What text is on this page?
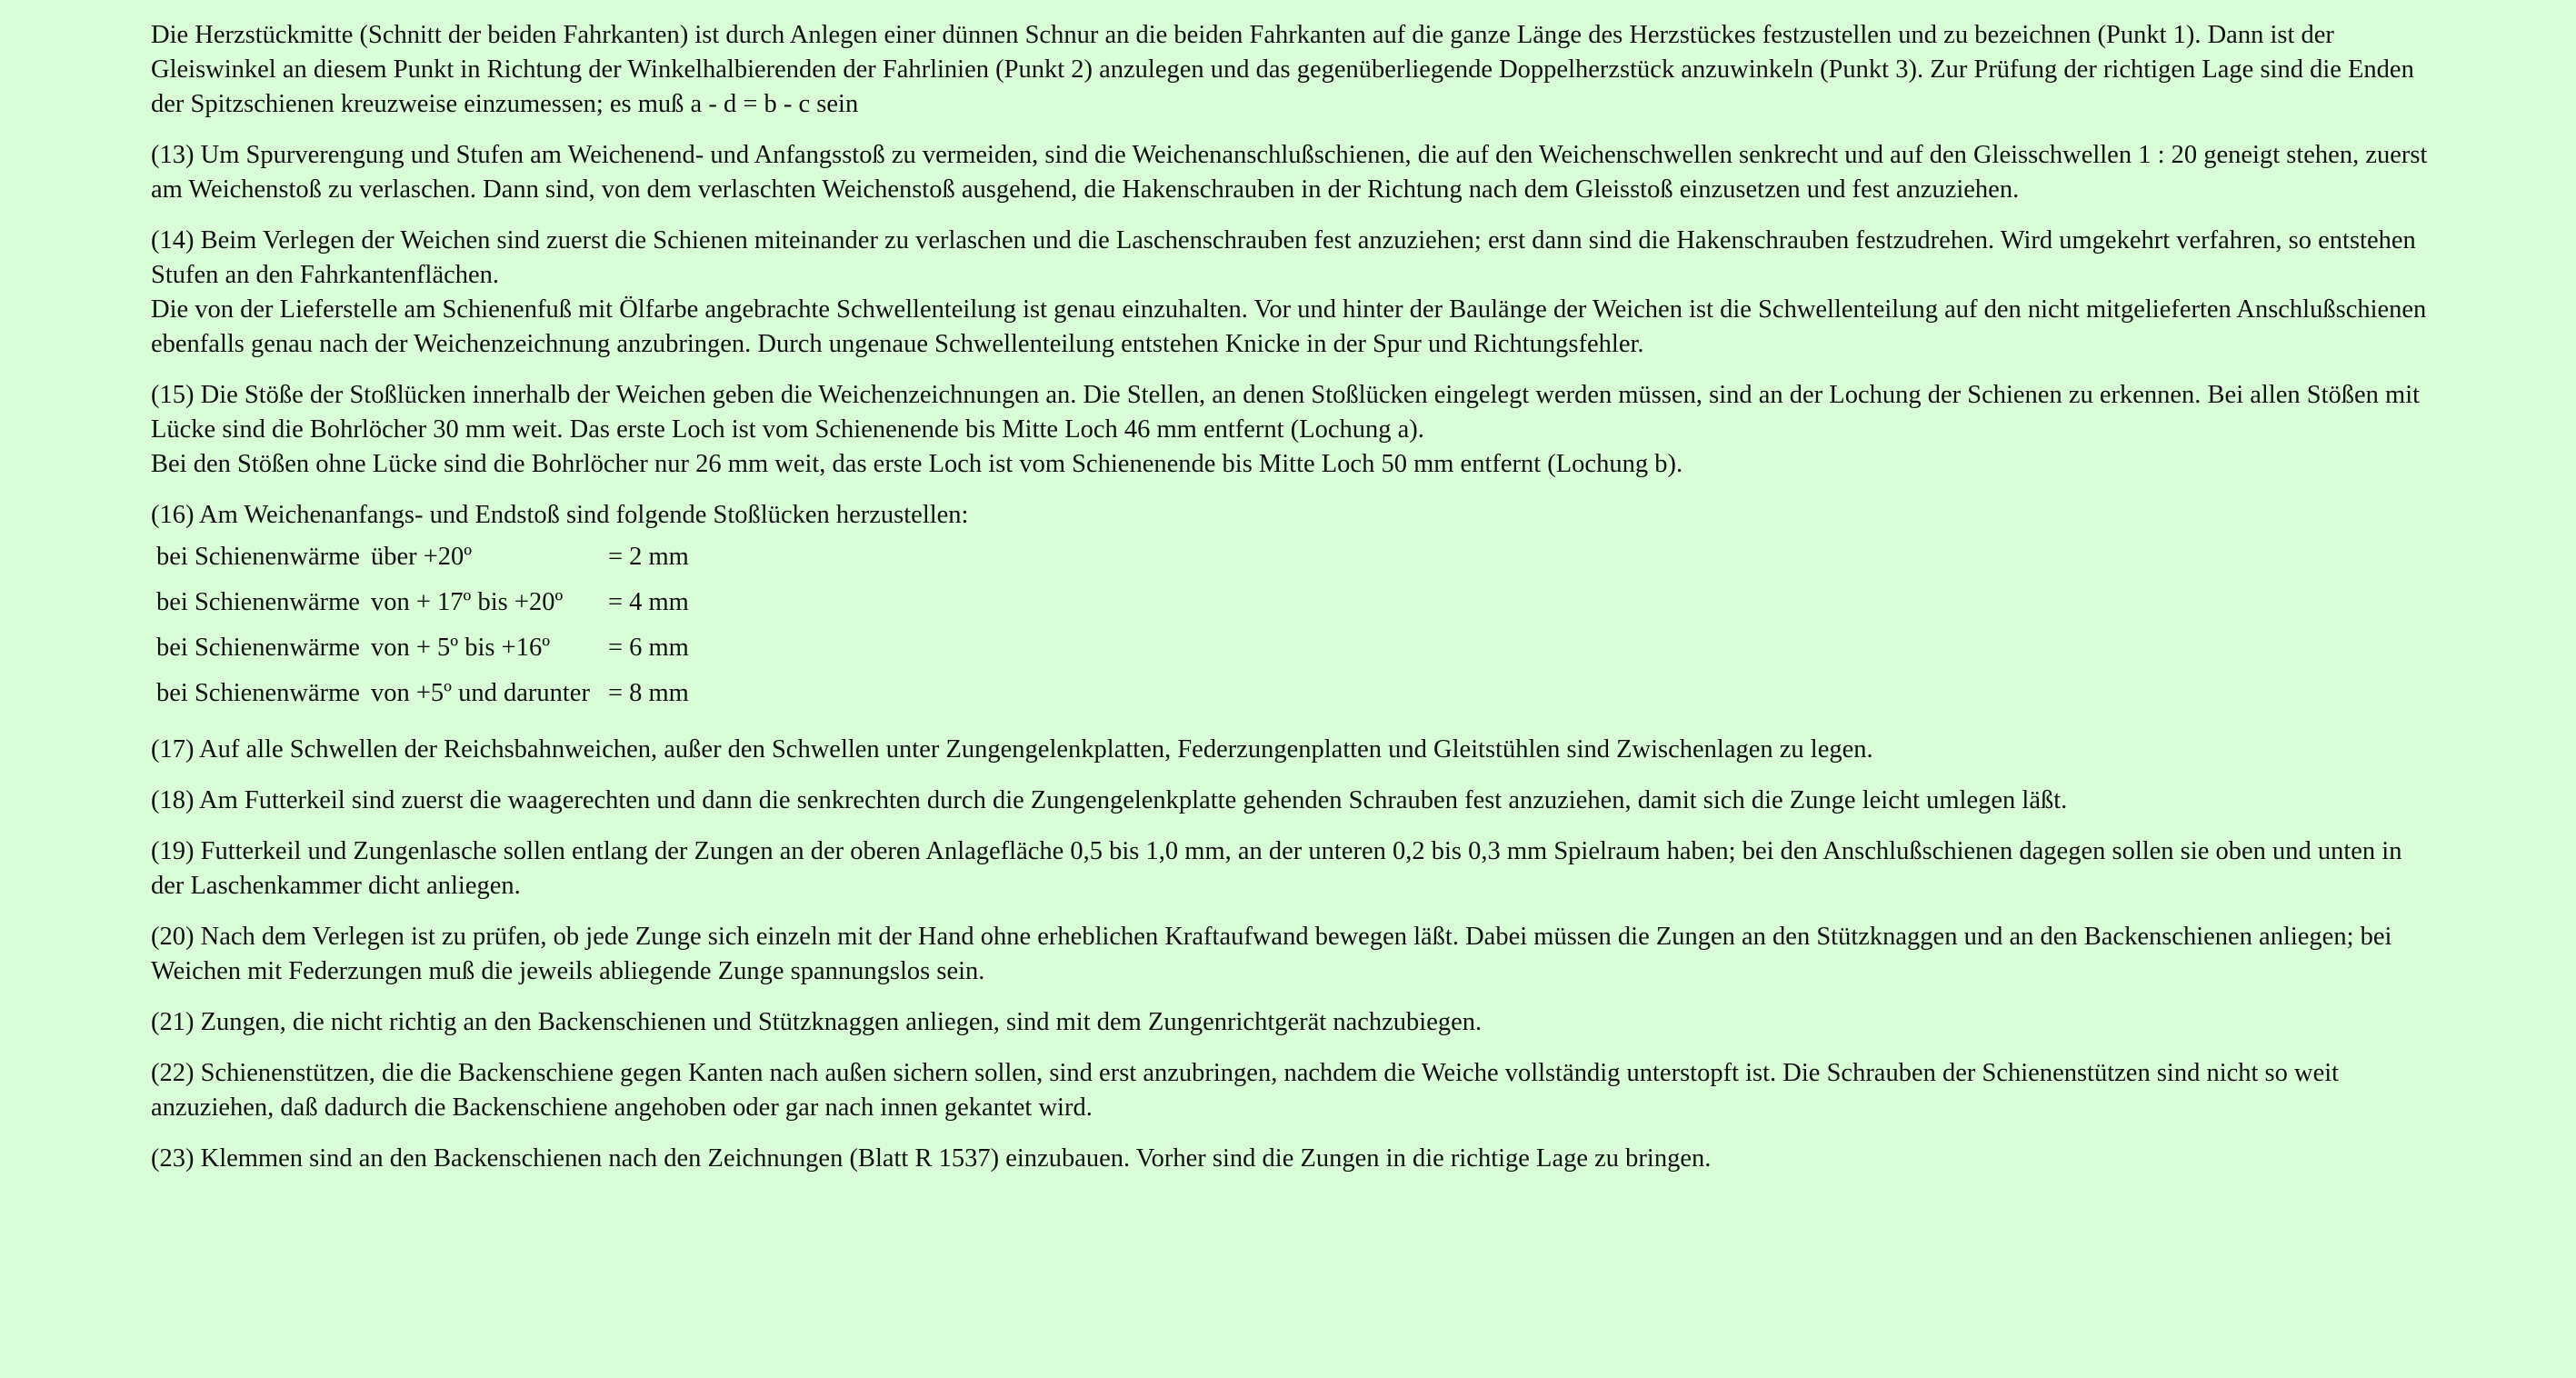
Die Herzstückmitte (Schnitt der beiden Fahrkanten) ist durch Anlegen einer dünnen Schnur an die beiden Fahrkanten auf die ganze Länge des Herzstückes festzustellen und zu bezeichnen (Punkt 1). Dann ist der Gleiswinkel an diesem Punkt in Richtung der Winkelhalbierenden der Fahrlinien (Punkt 2) anzulegen und das gegenüberliegende Doppelherzstück anzuwinkeln (Punkt 3). Zur Prüfung der richtigen Lage sind die Enden der Spitzschienen kreuzweise einzumessen; es muß a - d = b - c sein

(13) Um Spurverengung und Stufen am Weichenend- und Anfangsstoß zu vermeiden, sind die Weichenanschlußschienen, die auf den Weichenschwellen senkrecht und auf den Gleisschwellen 1 : 20 geneigt stehen, zuerst am Weichenstoß zu verlaschen. Dann sind, von dem verlaschten Weichenstoß ausgehend, die Hakenschrauben in der Richtung nach dem Gleisstoß einzusetzen und fest anzuziehen.

(14) Beim Verlegen der Weichen sind zuerst die Schienen miteinander zu verlaschen und die Laschenschrauben fest anzuziehen; erst dann sind die Hakenschrauben festzudrehen. Wird umgekehrt verfahren, so entstehen Stufen an den Fahrkantenflächen.

Die von der Lieferstelle am Schienenfuß mit Ölfarbe angebrachte Schwellenteilung ist genau einzuhalten. Vor und hinter der Baulänge der Weichen ist die Schwellenteilung auf den nicht mitgelieferten Anschlußschienen ebenfalls genau nach der Weichenzeichnung anzubringen. Durch ungenaue Schwellenteilung entstehen Knicke in der Spur und Richtungsfehler.

(15) Die Stöße der Stoßlücken innerhalb der Weichen geben die Weichenzeichnungen an. Die Stellen, an denen Stoßlücken eingelegt werden müssen, sind an der Lochung der Schienen zu erkennen. Bei allen Stößen mit Lücke sind die Bohrlöcher 30 mm weit. Das erste Loch ist vom Schienenende bis Mitte Loch 46 mm entfernt (Lochung a).

Bei den Stößen ohne Lücke sind die Bohrlöcher nur 26 mm weit, das erste Loch ist vom Schienenende bis Mitte Loch 50 mm entfernt (Lochung b).

(16) Am Weichenanfangs- und Endstoß sind folgende Stoßlücken herzustellen:

bei Schienenwärme	über +20º	= 2 mm
bei Schienenwärme	von + 17º bis +20º	= 4 mm
bei Schienenwärme	von + 5º bis +16º	= 6 mm
bei Schienenwärme	von +5º und darunter	= 8 mm

(17) Auf alle Schwellen der Reichsbahnweichen, außer den Schwellen unter Zungengelenkplatten, Federzungenplatten und Gleitstühlen sind Zwischenlagen zu legen.

(18) Am Futterkeil sind zuerst die waagerechten und dann die senkrechten durch die Zungengelenkplatte gehenden Schrauben fest anzuziehen, damit sich die Zunge leicht umlegen läßt.

(19) Futterkeil und Zungenlasche sollen entlang der Zungen an der oberen Anlagefläche 0,5 bis 1,0 mm, an der unteren 0,2 bis 0,3 mm Spielraum haben; bei den Anschlußschienen dagegen sollen sie oben und unten in der Laschenkammer dicht anliegen.

(20) Nach dem Verlegen ist zu prüfen, ob jede Zunge sich einzeln mit der Hand ohne erheblichen Kraftaufwand bewegen läßt. Dabei müssen die Zungen an den Stützknaggen und an den Backenschienen anliegen; bei Weichen mit Federzungen muß die jeweils abliegende Zunge spannungslos sein.

(21) Zungen, die nicht richtig an den Backenschienen und Stützknaggen anliegen, sind mit dem Zungenrichtgerät nachzubiegen.

(22) Schienenstützen, die die Backenschiene gegen Kanten nach außen sichern sollen, sind erst anzubringen, nachdem die Weiche vollständig unterstopft ist. Die Schrauben der Schienenstützen sind nicht so weit anzuziehen, daß dadurch die Backenschiene angehoben oder gar nach innen gekantet wird.

(23) Klemmen sind an den Backenschienen nach den Zeichnungen (Blatt R 1537) einzubauen. Vorher sind die Zungen in die richtige Lage zu bringen.
